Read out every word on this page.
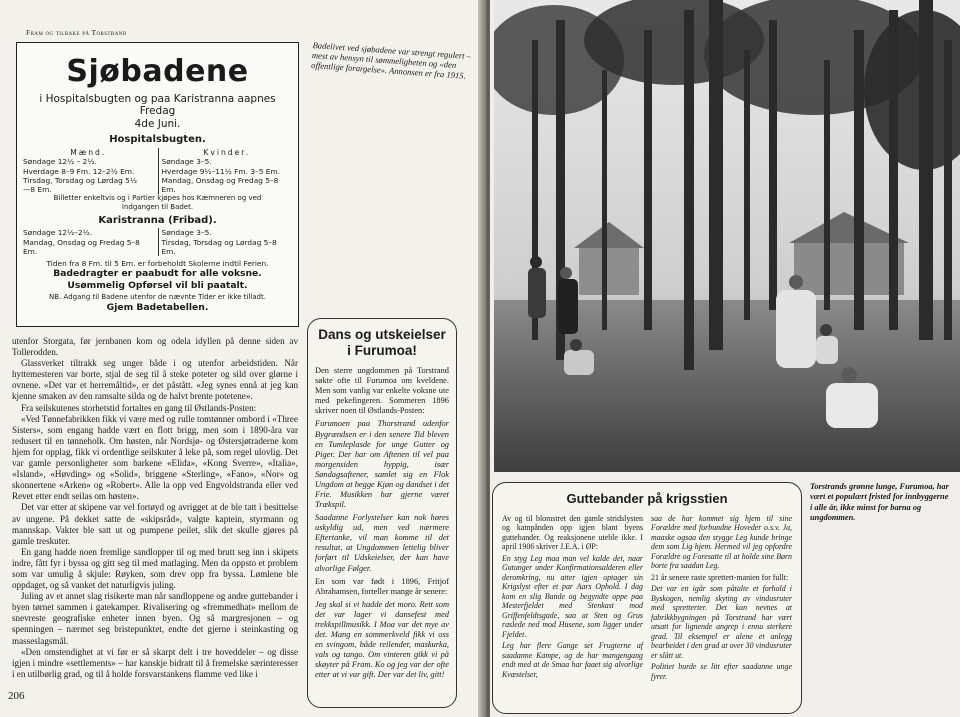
Fram og tilbake på Torstrand
Sjøbadene
i Hospitalsbugten og paa Karistranna aapnes Fredag
4de Juni.
Hospitalsbugten.
Mænd.
Søndage 12½ – 2½.
Hverdage 8–9 Fm. 12–2½ Em.
Tirsdag, Torsdag og Lørdag 5½
—8 Em.
Kvinder.
Søndage 3–5.
Hverdage 9½–11½ Fm. 3–5 Em.
Mandag, Onsdag og Fredag 5–8
Em.
Billetter enkeltvis og i Partier kjøpes hos Kæmneren og ved
Indgangen til Badet.
Karistranna (Fribad).
Søndage 12½–2½.
Mandag, Onsdag og Fredag 5–8
Em.
Søndage 3–5.
Tirsdag, Torsdag og Lørdag 5–8
Em.
Tiden fra 8 Fm. til 5 Em. er forbeholdt Skolerne indtil Ferien.
Badedragter er paabudt for alle voksne.
Usømmelig Opførsel vil bli paatalt.
NB. Adgang til Badene utenfor de nævnte Tider er ikke tilladt.
Gjem Badetabellen.
Badelivet ved sjøbadene var strengt regulert – mest av hensyn til sømmeligheten og «den offentlige forargelse». Annonsen er fra 1915.

utenfor Storgata, før jernbanen kom og odela idyllen på denne siden av Tollerodden.

Glassverket tiltrakk seg unger både i og utenfor arbeidstiden. Når hyttemesteren var borte, stjal de seg til å steke poteter og sild over glørne i ovnene. «Det var et herremåltid», er det påstått. «Jeg synes ennå at jeg kan kjenne smaken av den ramsalte silda og de halvt brente potetene».

Fra seilskutenes storhetstid fortaltes en gang til Østlands-Posten:

«Ved Tønnefabrikken fikk vi være med og rulle tomtønner ombord i «Three Sisters», som engang hadde vært en flott brigg, men som i 1890-åra var redusert til en tønneholk. Om høsten, når Nordsjø- og Østersjøtraderne kom hjem for opplag, fikk vi ordentlige seilskuter å leke på, som regel ulovlig. Det var gamle personligheter som barkene «Elida», «Kong Sverre», «Italia», «Island», «Høvding» og «Solid», briggene «Sterling», «Fano», «Nor» og skonnertene «Arken» og «Robert». Alle la opp ved Engvoldstranda eller ved Revet etter endt seilas om høsten».

Det var etter at skipene var vel fortøyd og avrigget at de ble tatt i besittelse av ungene. På dekket satte de «skipsråd», valgte kaptein, styrmann og mannskap. Vakter ble satt ut og pumpene peilet, slik det skulle gjøres på gamle treskuter.

En gang hadde noen fremlige sandlopper til og med brutt seg inn i skipets indre, fått fyr i byssa og gitt seg til med matlaging. Men da oppsto et problem som var umulig å skjule: Røyken, som drev opp fra byssa. Lømlene ble oppdaget, og så vanket det naturligvis juling.

Juling av et annet slag risikerte man når sandloppene og andre guttebander i byen tørnet sammen i gatekamper. Rivalisering og «fremmedhat» mellom de snevreste geografiske enheter innen byen. Og så margresjonen – og spenningen – nærmet seg bristepunktet, endte det gjerne i steinkasting og masseslagsmål.

«Den omstendighet at vi før er så skarpt delt i tre hoveddeler – og disse igjen i mindre «settlements» – har kanskje bidratt til å fremelske særinteresser i en utilbørlig grad, og til å holde forsvarstankens flamme ved like i

Dans og utskeielser i Furumoa!

Den sterre ungdommen på Torstrand søkte ofte til Furumoa om kveldene. Men som vanlig var enkelte voksne ute med pekefingeren. Sommeren 1896 skriver noen til Østlands-Posten:

Furumoen paa Thorstrand udenfor Bygrændsen er i den senere Tid bleven en Tumleplasde for unge Gutter og Piger. Der har om Aftenen til vel paa morgensiden hyppig, især Søndagsaftener, samlet sig en Flok Ungdom at begge Kjøn og dandset i det Frie. Musikken har gjerne været Trækspil.

Saadanne Forlystelser kan nok høres uskyldig ud, men ved nærmere Eftertanke, vil man komme til det resultat, at Ungdommen lettelig bliver forført til Udskeielser, der kan have alvorlige Følger.

En som var født i 1896, Fritjof Abrahamsen, forteller mange år senere:

Jeg skal si vi hadde det moro. Rett som det var lager vi dansefest med trekkspillmusikk. I Moa var det mye av det. Mang en sommerkveld fikk vi oss en svingom, både reilender, maskurka, vals og tango. Om vinteren gikk vi på skøyter på Fram. Ko og jeg var der ofte etter at vi var gift. Der var det liv, gitt!

206
Guttebander på krigsstien

Av og til blomstret den gamle stridslysten og kampånden opp igjen blant byens guttebander. Og reaksjonene uteble ikke. I april 1906 skriver J.E.A. i ØP:

En styg Leg maa man vel kalde det, naar Gutunger under Konfirmationsalderen eller deromkring, nu atter igjen optager sin Krigslyst efter et par Aars Ophold. I dag kom en slig Bande og begyndte oppe paa Mesterfjeldet med Stenkast mod Griffenfeldtsgade, saa at Sten og Grus raslede ned mod Husene, som ligger under Fjeldet.

Leg har flere Gange set Frugterne af saadanne Kampe, og de har mangengang endt med at de Smaa har faaet sig alvorlige Kvæstelser,

saa de har kommet sig hjem til sine Forældre med forbundne Hoveder o.s.v. Ja, maaske ogsaa den stygge Leg kunde bringe dem som Lig hjem. Hermed vil jeg opfordre Forældre og Foresatte til at holde sine Børn borte fra saadan Leg.

21 år senere raste sprettert-manien for fullt:

Det var en igår som påtalte et forhold i Byskogen, nemlig skyting av vindusruter med spretterter. Det kan nevnes at fabrikkbygningen på Torstrand har vært utsatt for lignende angrep i ennu sterkere grad. Til eksempel er alene et anlegg bearbeidet i den grad at over 30 vindusruter er slått ut.

Politiet burde se litt efter saadanne unge fyrer.

Torstrands grønne lunge, Furumoa, har vært et populært fristed for innbyggerne i alle år, ikke minst for barna og ungdommen.
